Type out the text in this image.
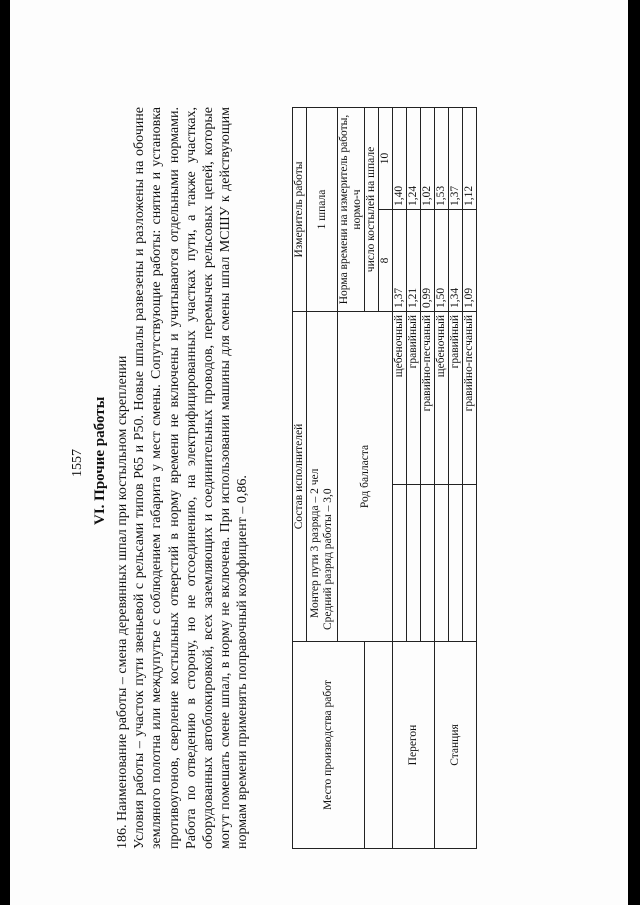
1557 VI. Прочие работы 186. Наименование работы – смена деревянных шпал при костыльном скреплении Условия работы – участок пути звеньевой с рельсами типов Р65 и Р50. Новые шпалы развезены и разложены на обочине земляного полотна или междупутье с соблюдением габарита у мест смены. Сопутствующие работы: снятие и установка противоугонов, сверление костыльных отверстий в норму времени не включены и учитываются отдельными нормами. Работа по отведению в сторону, но не отсоединению, на электрифицированных участках пути, а также участках, оборудованных автоблокировкой, всех заземляющих и соединительных проводов, перемычек рельсовых цепей, которые могут помешать смене шпал, в норму не включена. При использовании машины для смены шпал МСШУ к действующим нормам времени применять поправочный коэффициент – 0,86.	Место производства работ	Состав исполнителей		Измеритель работы	

	Монтер пути 3 разряда – 2 чел Средний разряд работы – 3,0		1 шпала	
	Род балласта		Норма времени на измеритель работы, нормо-ч	
			число костылей на шпале	
			8	10
Перегон		щебеночный	1,37	1,40
		гравийный	1,21	1,24
		гравийно-песчаный	0,99	1,02
Станция		щебеночный	1,50	1,53
		гравийный	1,34	1,37
		гравийно-песчаный	1,09	1,12
